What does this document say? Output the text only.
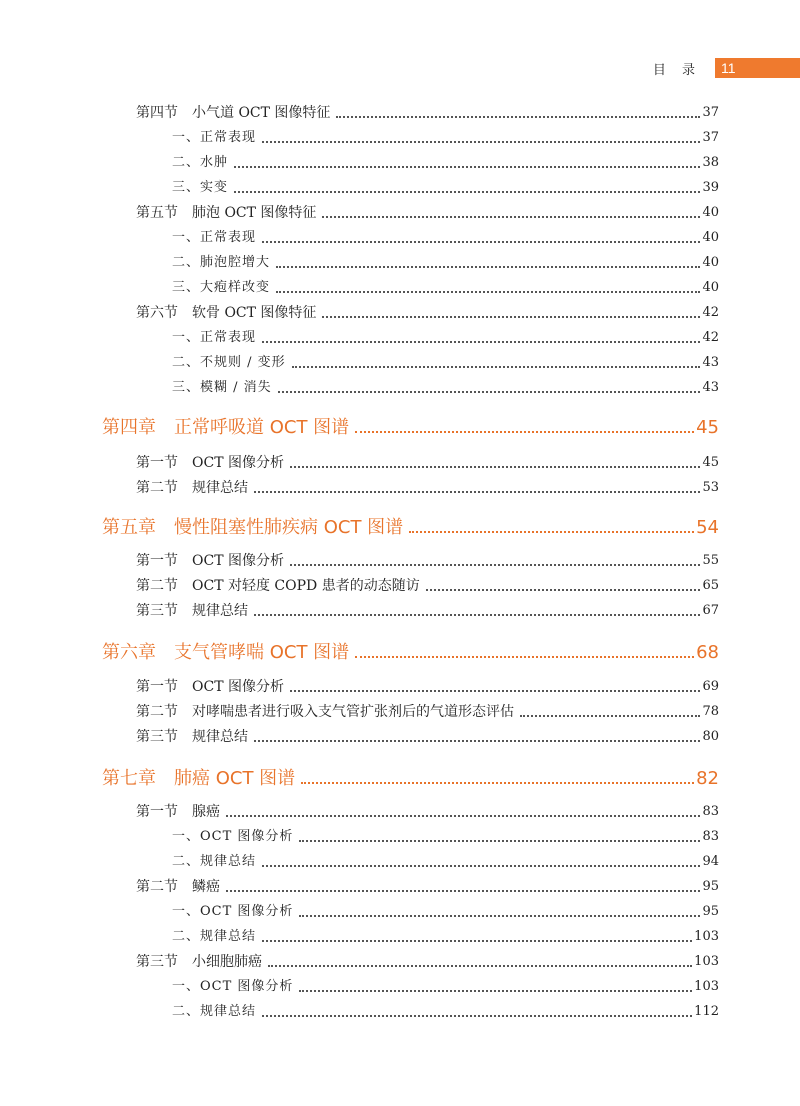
目 录	11
第四节　小气道 OCT 图像特征	37
一、正常表现	37
二、水肿	38
三、实变	39
第五节　肺泡 OCT 图像特征	40
一、正常表现	40
二、肺泡腔增大	40
三、大疱样改变	40
第六节　软骨 OCT 图像特征	42
一、正常表现	42
二、不规则 / 变形	43
三、模糊 / 消失	43
第四章　正常呼吸道 OCT 图谱	45
第一节　OCT 图像分析	45
第二节　规律总结	53
第五章　慢性阻塞性肺疾病 OCT 图谱	54
第一节　OCT 图像分析	55
第二节　OCT 对轻度 COPD 患者的动态随访	65
第三节　规律总结	67
第六章　支气管哮喘 OCT 图谱	68
第一节　OCT 图像分析	69
第二节　对哮喘患者进行吸入支气管扩张剂后的气道形态评估	78
第三节　规律总结	80
第七章　肺癌 OCT 图谱	82
第一节　腺癌	83
一、OCT 图像分析	83
二、规律总结	94
第二节　鳞癌	95
一、OCT 图像分析	95
二、规律总结	103
第三节　小细胞肺癌	103
一、OCT 图像分析	103
二、规律总结	112
